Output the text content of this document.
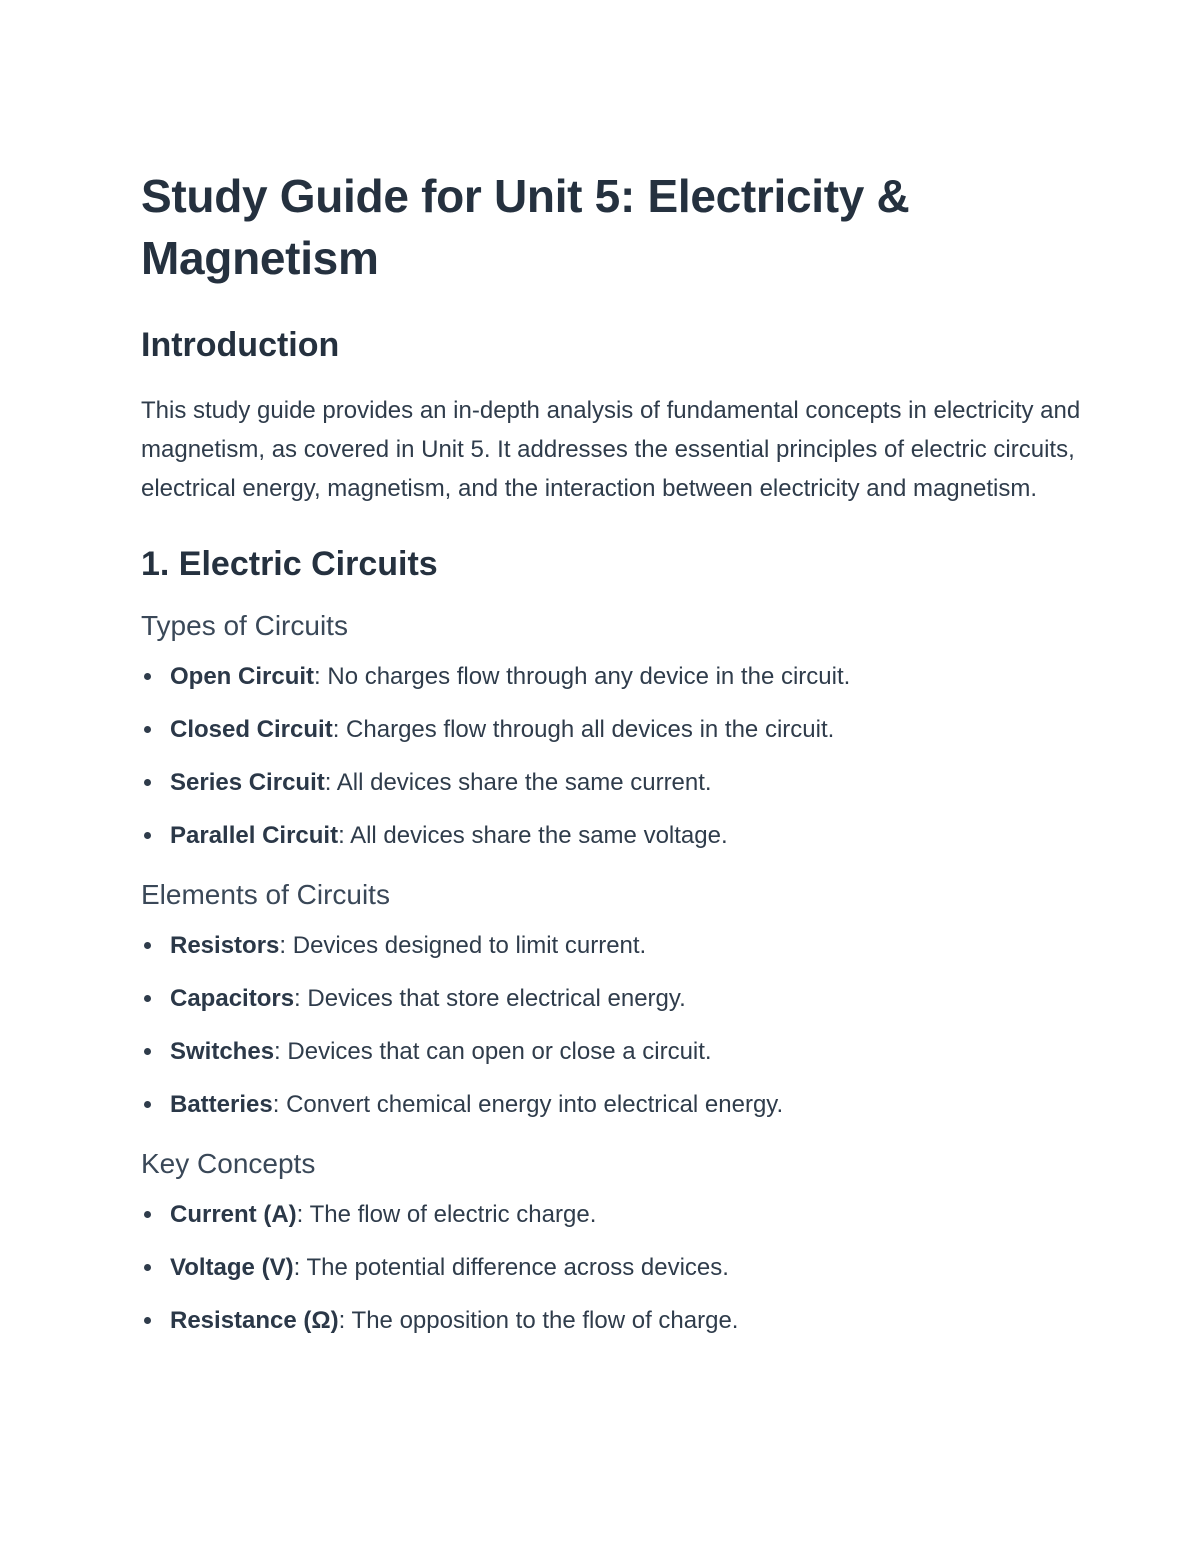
Study Guide for Unit 5: Electricity & Magnetism
Introduction

This study guide provides an in-depth analysis of fundamental concepts in electricity and magnetism, as covered in Unit 5. It addresses the essential principles of electric circuits, electrical energy, magnetism, and the interaction between electricity and magnetism.

1. Electric Circuits
Types of Circuits
Open Circuit: No charges flow through any device in the circuit.
Closed Circuit: Charges flow through all devices in the circuit.
Series Circuit: All devices share the same current.
Parallel Circuit: All devices share the same voltage.
Elements of Circuits
Resistors: Devices designed to limit current.
Capacitors: Devices that store electrical energy.
Switches: Devices that can open or close a circuit.
Batteries: Convert chemical energy into electrical energy.
Key Concepts
Current (A): The flow of electric charge.
Voltage (V): The potential difference across devices.
Resistance (Ω): The opposition to the flow of charge.
